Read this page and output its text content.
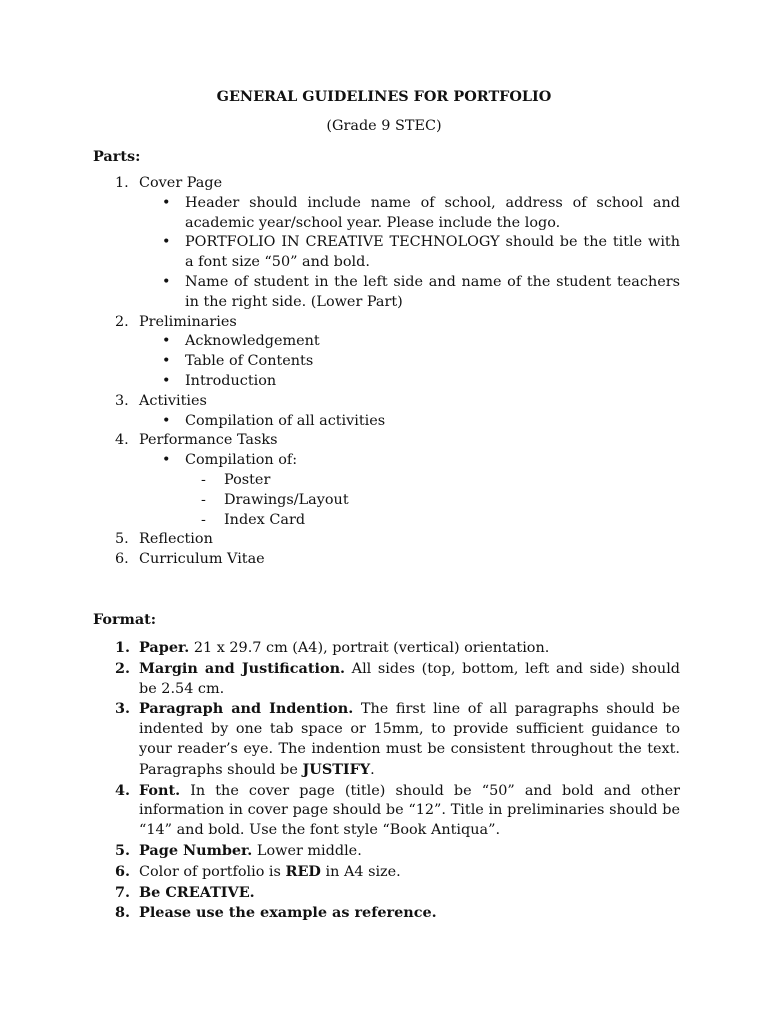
GENERAL GUIDELINES FOR PORTFOLIO
(Grade 9 STEC)
Parts:
1. Cover Page
• Header should include name of school, address of school and academic year/school year. Please include the logo.
• PORTFOLIO IN CREATIVE TECHNOLOGY should be the title with a font size “50” and bold.
• Name of student in the left side and name of the student teachers in the right side. (Lower Part)
2. Preliminaries
• Acknowledgement
• Table of Contents
• Introduction
3. Activities
• Compilation of all activities
4. Performance Tasks
• Compilation of:
- Poster
- Drawings/Layout
- Index Card
5. Reflection
6. Curriculum Vitae
Format:
1. Paper. 21 x 29.7 cm (A4), portrait (vertical) orientation.
2. Margin and Justification. All sides (top, bottom, left and side) should be 2.54 cm.
3. Paragraph and Indention. The first line of all paragraphs should be indented by one tab space or 15mm, to provide sufficient guidance to your reader’s eye. The indention must be consistent throughout the text. Paragraphs should be JUSTIFY.
4. Font. In the cover page (title) should be “50” and bold and other information in cover page should be “12”. Title in preliminaries should be “14” and bold. Use the font style “Book Antiqua”.
5. Page Number. Lower middle.
6. Color of portfolio is RED in A4 size.
7. Be CREATIVE.
8. Please use the example as reference.
